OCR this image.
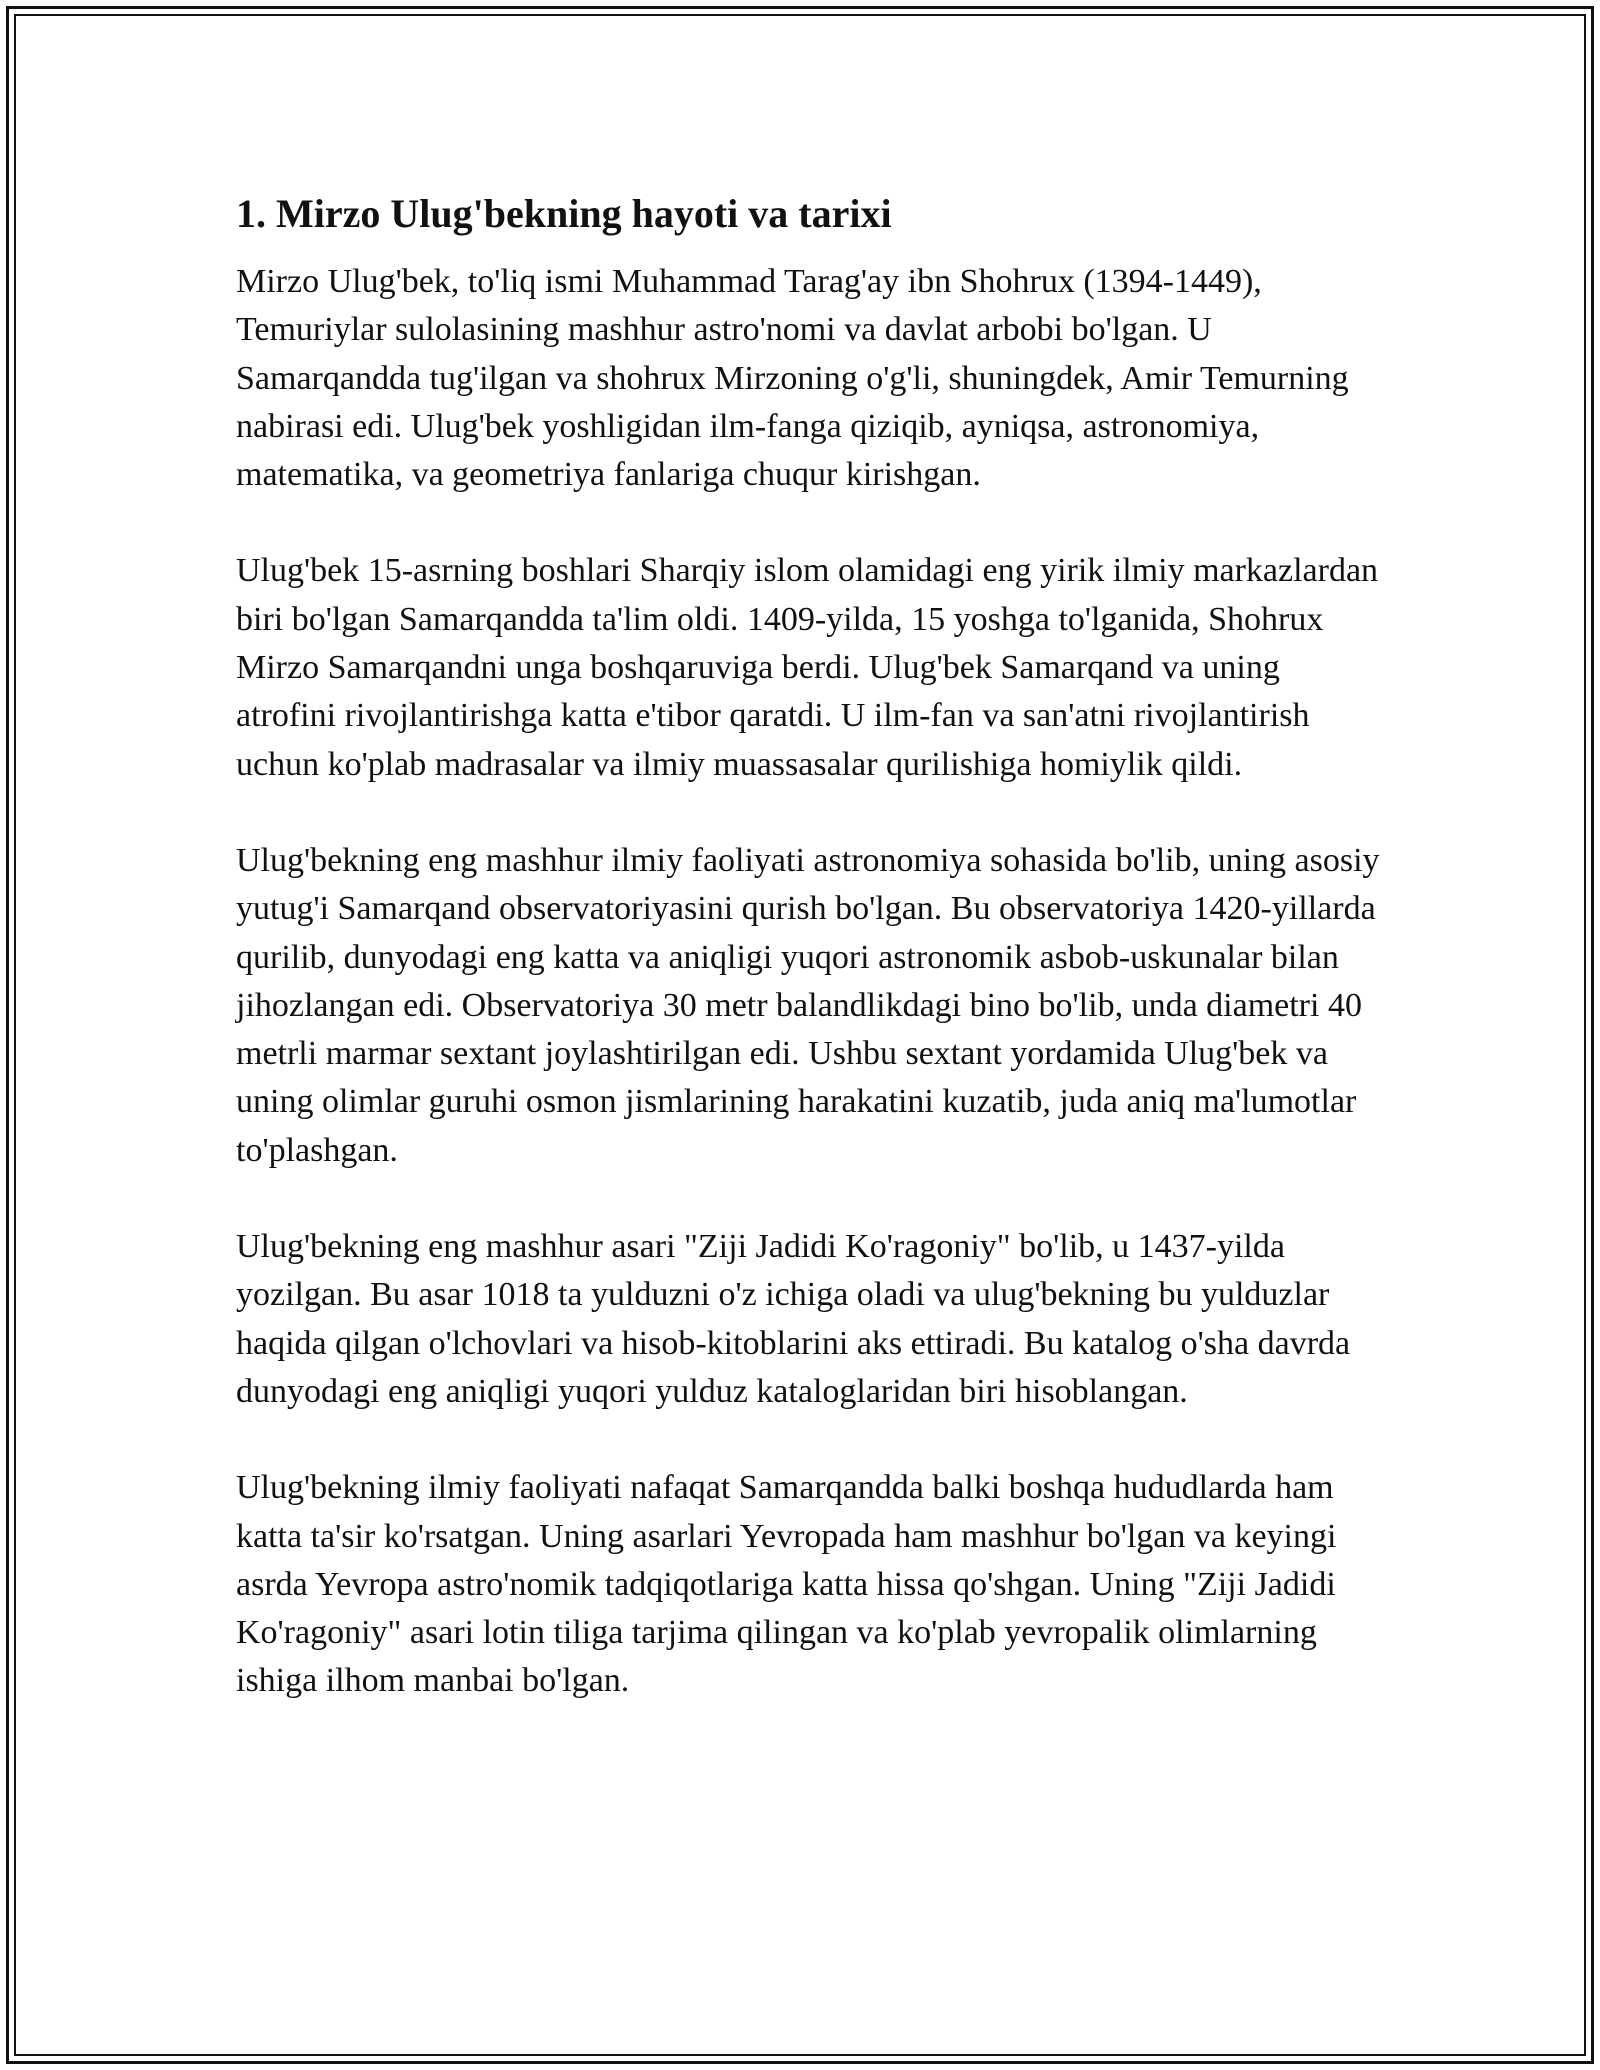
1. Mirzo Ulug'bekning hayoti va tarixi

Mirzo Ulug'bek, to'liq ismi Muhammad Tarag'ay ibn Shohrux (1394-1449), Temuriylar sulolasining mashhur astro'nomi va davlat arbobi bo'lgan. U Samarqandda tug'ilgan va shohrux Mirzoning o'g'li, shuningdek, Amir Temurning nabirasi edi. Ulug'bek yoshligidan ilm-fanga qiziqib, ayniqsa, astronomiya, matematika, va geometriya fanlariga chuqur kirishgan.

Ulug'bek 15-asrning boshlari Sharqiy islom olamidagi eng yirik ilmiy markazlardan biri bo'lgan Samarqandda ta'lim oldi. 1409-yilda, 15 yoshga to'lganida, Shohrux Mirzo Samarqandni unga boshqaruviga berdi. Ulug'bek Samarqand va uning atrofini rivojlantirishga katta e'tibor qaratdi. U ilm-fan va san'atni rivojlantirish uchun ko'plab madrasalar va ilmiy muassasalar qurilishiga homiylik qildi.

Ulug'bekning eng mashhur ilmiy faoliyati astronomiya sohasida bo'lib, uning asosiy yutug'i Samarqand observatoriyasini qurish bo'lgan. Bu observatoriya 1420-yillarda qurilib, dunyodagi eng katta va aniqligi yuqori astronomik asbob-uskunalar bilan jihozlangan edi. Observatoriya 30 metr balandlikdagi bino bo'lib, unda diametri 40 metrli marmar sextant joylashtirilgan edi. Ushbu sextant yordamida Ulug'bek va uning olimlar guruhi osmon jismlarining harakatini kuzatib, juda aniq ma'lumotlar to'plashgan.

Ulug'bekning eng mashhur asari "Ziji Jadidi Ko'ragoniy" bo'lib, u 1437-yilda yozilgan. Bu asar 1018 ta yulduzni o'z ichiga oladi va ulug'bekning bu yulduzlar haqida qilgan o'lchovlari va hisob-kitoblarini aks ettiradi. Bu katalog o'sha davrda dunyodagi eng aniqligi yuqori yulduz kataloglaridan biri hisoblangan.

Ulug'bekning ilmiy faoliyati nafaqat Samarqandda balki boshqa hududlarda ham katta ta'sir ko'rsatgan. Uning asarlari Yevropada ham mashhur bo'lgan va keyingi asrda Yevropa astro'nomik tadqiqotlariga katta hissa qo'shgan. Uning "Ziji Jadidi Ko'ragoniy" asari lotin tiliga tarjima qilingan va ko'plab yevropalik olimlarning ishiga ilhom manbai bo'lgan.
